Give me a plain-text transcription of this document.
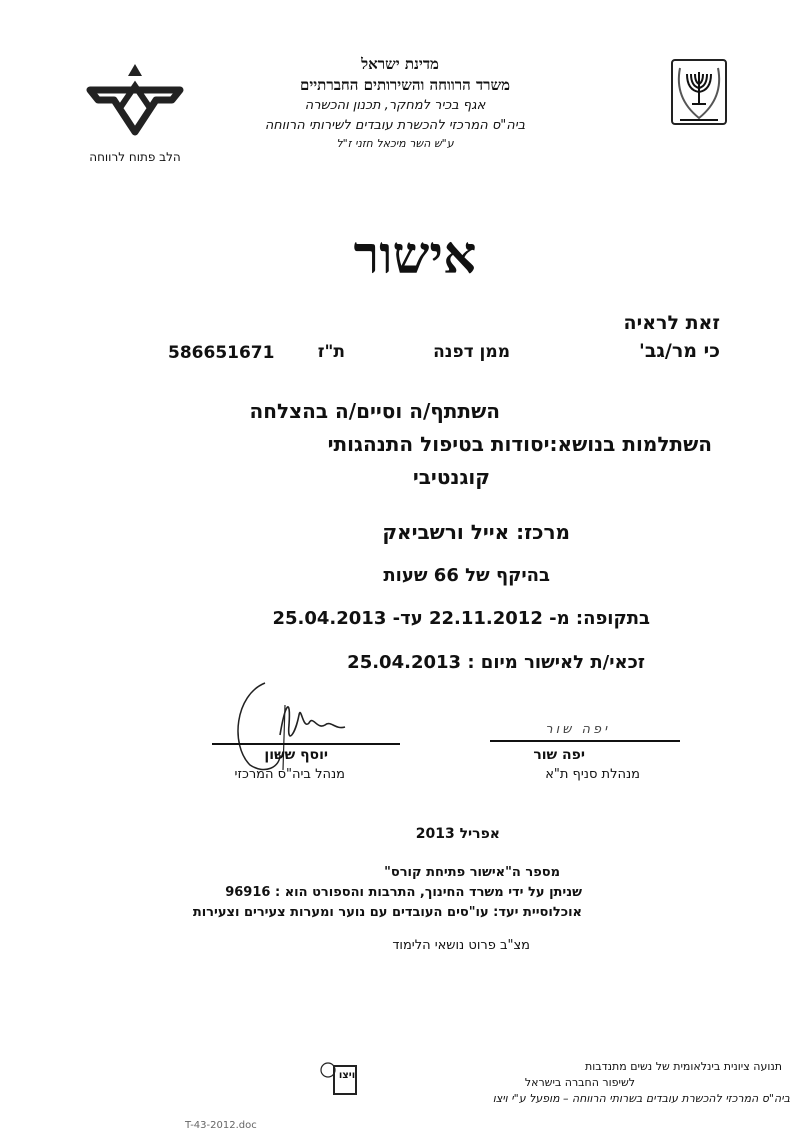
הלב פתוח לרווחה
מדינת ישראל
משרד הרווחה והשירותים החברתיים
אגף בכיר למחקר, תכנון והכשרה
ביה"ס המרכזי להכשרת עובדים לשירותי הרווחה
ע"ש השר מיכאל חזני ז"ל
אישור
זאת לראיה
כי מר/גב'
ממן דפנה
ת"ז
586651671
השתתף/ה וסיים/ה בהצלחה
השתלמות בנושא:יסודות בטיפול התנהגותי
קוגנטיבי
מרכז: אייל ורשביאק
בהיקף של 66 שעות
בתקופה: מ- 22.11.2012 עד- 25.04.2013
זכאי/ת לאישור מיום : 25.04.2013
יוסף ששון
מנהל ביה"ס המרכזי
יפה שור
יפה שור
מנהלת סניף ת"א
אפריל 2013
מספר ה"אישור פתיחת קורס"
שניתן על ידי משרד החינוך, התרבות והספורט הוא : 96916
אוכלוסיית יעד: עו"סים העובדים עם נוער ומערות צעירים וצעירות
מצ"ב פרוט נושאי הלימוד
ויצו
תנועה ציונית בינלאומית של נשים מתנדבות
לשיפור החברה בישראל
ביה"ס המרכזי להכשרת עובדים בשרותי הרווחה – מופעל ע"י ויצו
T-43-2012.doc
